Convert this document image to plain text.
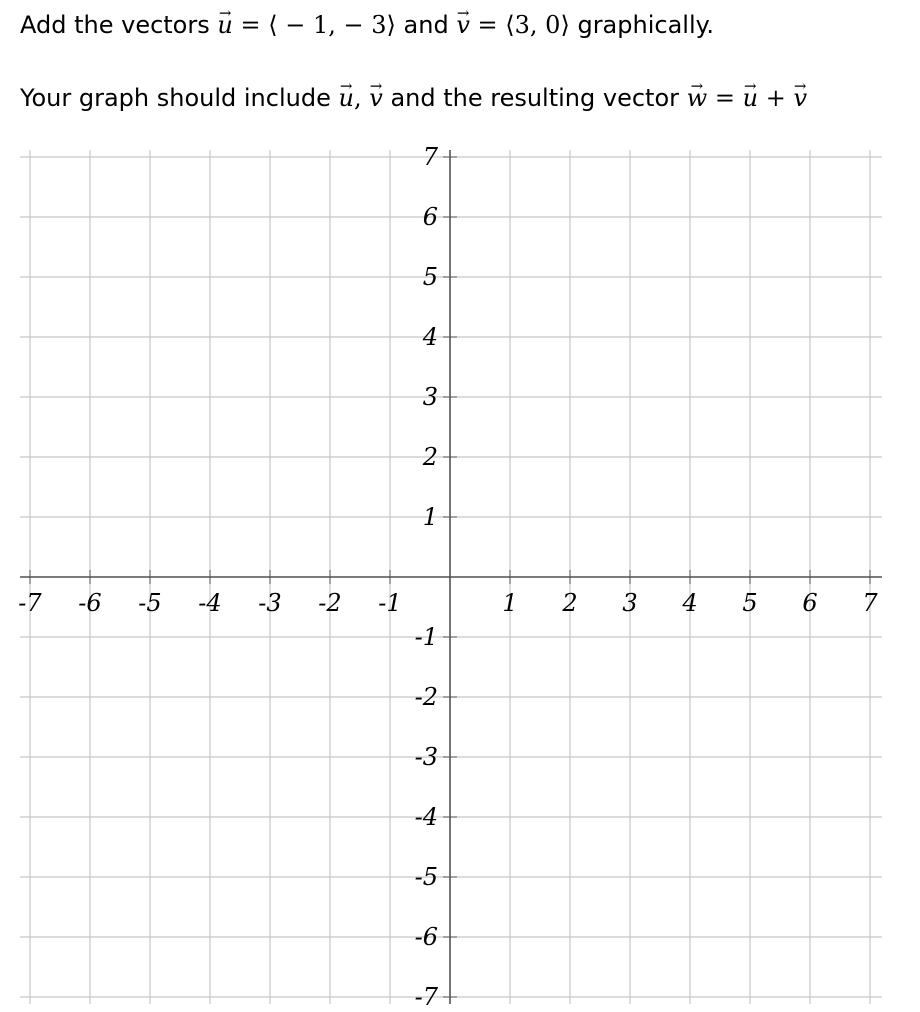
Add the vectors → u = ⟨ − 1, − 3⟩ and → v = ⟨3, 0⟩ graphically.
Your graph should include → u, → v and the resulting vector → w = → u + → v
-7 -6 -5 -4 -3 -2 -1	1 2 3 4 5 6 7
7
6
5
4
3
2
1
-1
-2
-3
-4
-5
-6
-7
